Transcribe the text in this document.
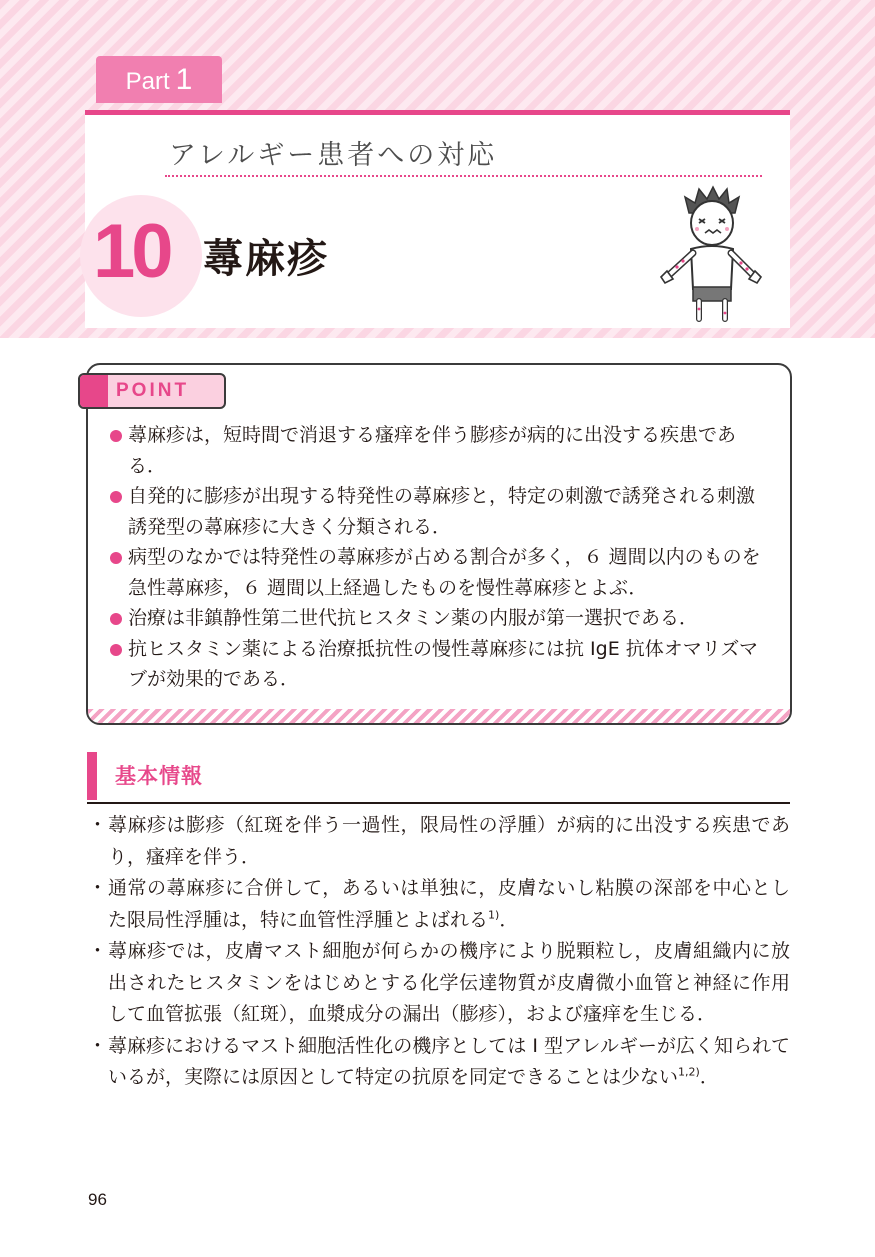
Part 1
アレルギー患者への対応
10 蕁麻疹
POINT
蕁麻疹は，短時間で消退する瘙痒を伴う膨疹が病的に出没する疾患である．
自発的に膨疹が出現する特発性の蕁麻疹と，特定の刺激で誘発される刺激誘発型の蕁麻疹に大きく分類される．
病型のなかでは特発性の蕁麻疹が占める割合が多く，６ 週間以内のものを急性蕁麻疹，６ 週間以上経過したものを慢性蕁麻疹とよぶ．
治療は非鎮静性第二世代抗ヒスタミン薬の内服が第一選択である．
抗ヒスタミン薬による治療抵抗性の慢性蕁麻疹には抗 IgE 抗体オマリズマブが効果的である．
基本情報
・ 蕁麻疹は膨疹（紅斑を伴う一過性，限局性の浮腫）が病的に出没する疾患であり，瘙痒を伴う．
・ 通常の蕁麻疹に合併して，あるいは単独に，皮膚ないし粘膜の深部を中心とした限局性浮腫は，特に血管性浮腫とよばれる$^{1)}$．
・ 蕁麻疹では，皮膚マスト細胞が何らかの機序により脱顆粒し，皮膚組織内に放出されたヒスタミンをはじめとする化学伝達物質が皮膚微小血管と神経に作用して血管拡張（紅斑），血漿成分の漏出（膨疹），および瘙痒を生じる．
・ 蕁麻疹におけるマスト細胞活性化の機序としては I 型アレルギーが広く知られているが，実際には原因として特定の抗原を同定できることは少ない$^{1,2)}$．
96
